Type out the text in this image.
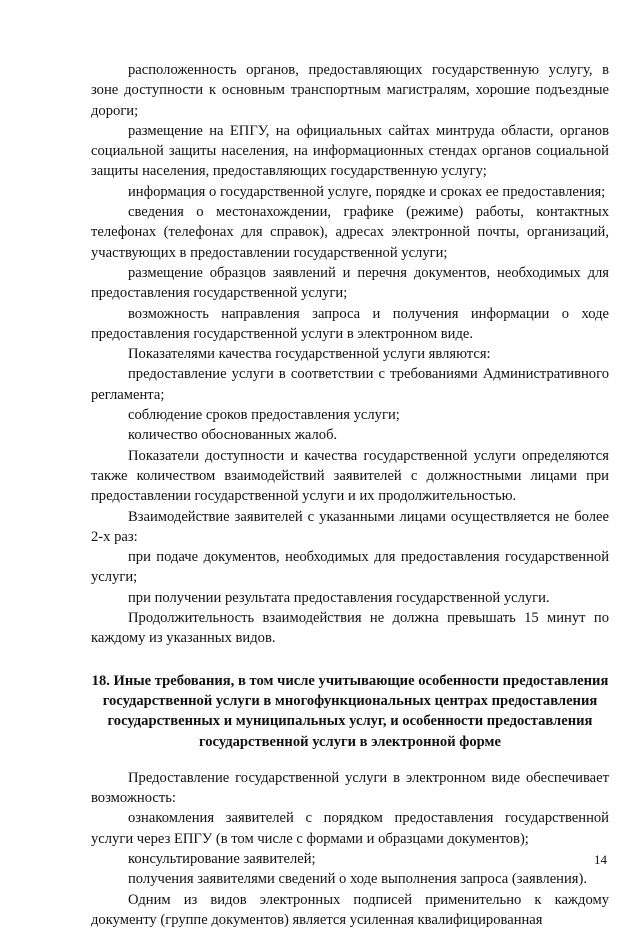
расположенность органов, предоставляющих государственную услугу, в зоне доступности к основным транспортным магистралям, хорошие подъездные дороги;

размещение на ЕПГУ, на официальных сайтах минтруда области, органов социальной защиты населения, на информационных стендах органов социальной защиты населения, предоставляющих государственную услугу;

информация о государственной услуге, порядке и сроках ее предоставления;

сведения о местонахождении, графике (режиме) работы, контактных телефонах (телефонах для справок), адресах электронной почты, организаций, участвующих в предоставлении государственной услуги;

размещение образцов заявлений и перечня документов, необходимых для предоставления государственной услуги;

возможность направления запроса и получения информации о ходе предоставления государственной услуги в электронном виде.

Показателями качества государственной услуги являются:

предоставление услуги в соответствии с требованиями Административного регламента;

соблюдение сроков предоставления услуги;

количество обоснованных жалоб.

Показатели доступности и качества государственной услуги определяются также количеством взаимодействий заявителей с должностными лицами при предоставлении государственной услуги и их продолжительностью.

Взаимодействие заявителей с указанными лицами осуществляется не более 2-х раз:

при подаче документов, необходимых для предоставления государственной услуги;

при получении результата предоставления государственной услуги.

Продолжительность взаимодействия не должна превышать 15 минут по каждому из указанных видов.

18. Иные требования, в том числе учитывающие особенности предоставления государственной услуги в многофункциональных центрах предоставления государственных и муниципальных услуг, и особенности предоставления государственной услуги в электронной форме

Предоставление государственной услуги в электронном виде обеспечивает возможность:

ознакомления заявителей с порядком предоставления государственной услуги через ЕПГУ (в том числе с формами и образцами документов);

консультирование заявителей;

получения заявителями сведений о ходе выполнения запроса (заявления).

Одним из видов электронных подписей применительно к каждому документу (группе документов) является усиленная квалифицированная

14
